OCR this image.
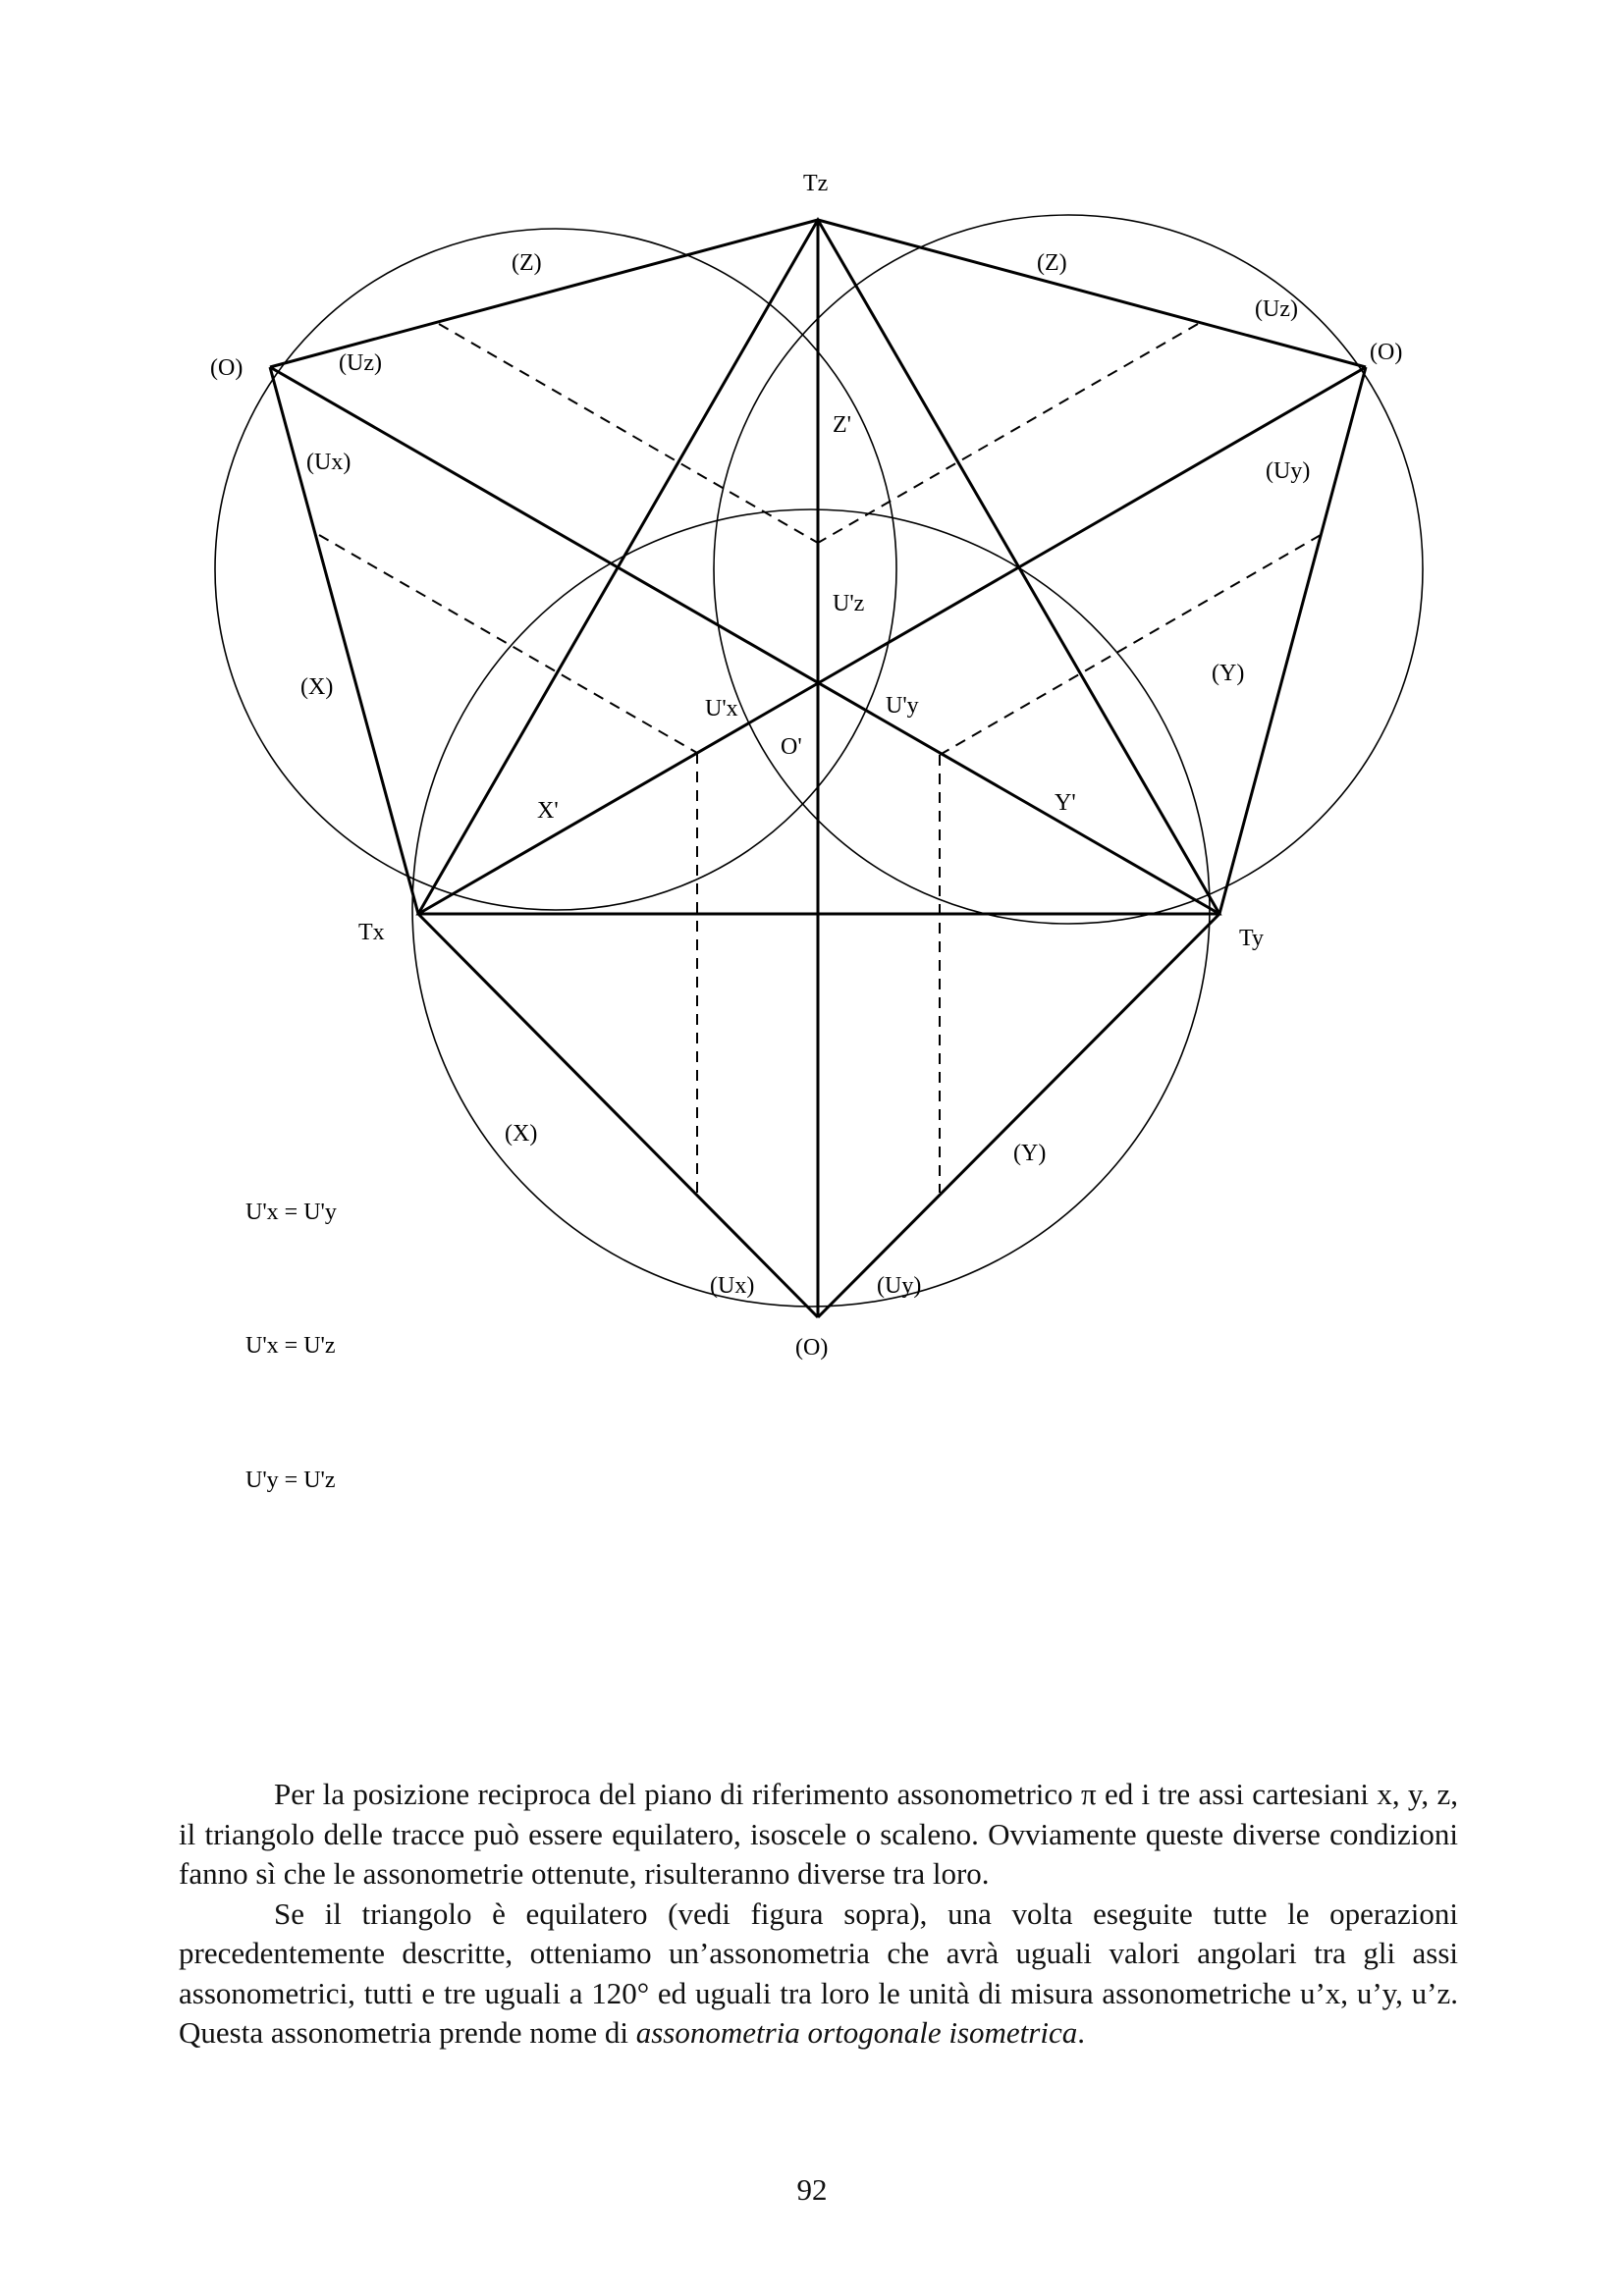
Tz
Tx	Ty
(O)
(O)
(O)
O'
Z'
X'	Y'
U'z
U'x	U'y
(Z)	(Z)
(Uz)
(Uz)
(Ux)	(Uy)
(X)
(Y)
(X)
(Y)
(Ux)	(Uy)
U'x = U'y
U'x = U'z
U'y = U'z

Per la posizione reciproca del piano di riferimento assonometrico π ed i tre assi cartesiani x, y, z, il triangolo delle tracce può essere equilatero, isoscele o scaleno. Ovviamente queste diverse condizioni fanno sì che le assonometrie ottenute, risulteranno diverse tra loro.

Se il triangolo è equilatero (vedi figura sopra), una volta eseguite tutte le operazioni precedentemente descritte, otteniamo un’assonometria che avrà uguali valori angolari tra gli assi assonometrici, tutti e tre uguali a 120° ed uguali tra loro le unità di misura assonometriche u’x, u’y, u’z. Questa assonometria prende nome di assonometria ortogonale isometrica.

92
